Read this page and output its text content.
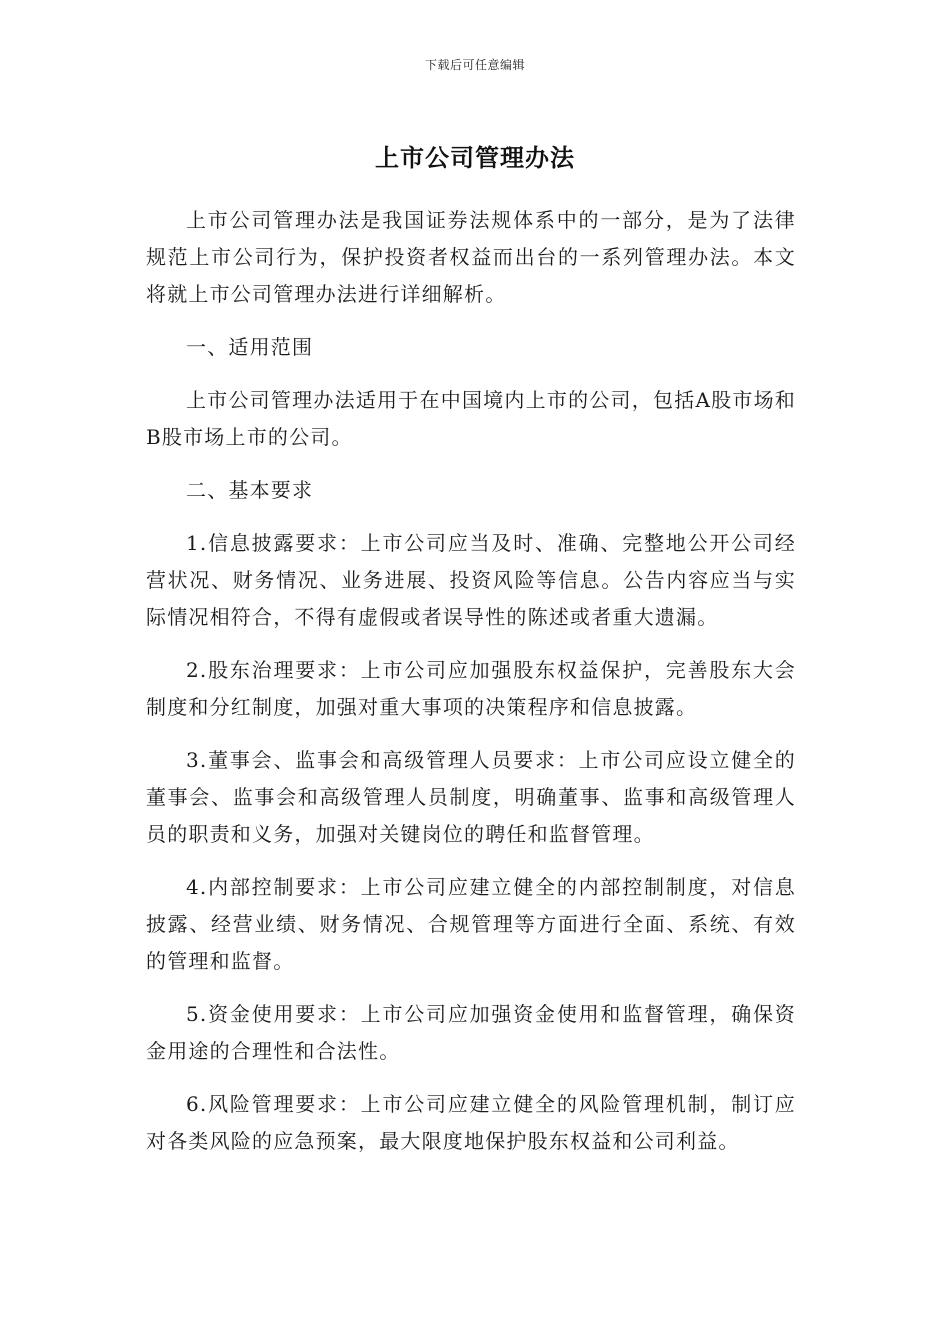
下载后可任意编辑
上市公司管理办法

上市公司管理办法是我国证券法规体系中的一部分，是为了法律规范上市公司行为，保护投资者权益而出台的一系列管理办法。本文将就上市公司管理办法进行详细解析。

一、适用范围

上市公司管理办法适用于在中国境内上市的公司，包括A股市场和B股市场上市的公司。

二、基本要求

1.信息披露要求：上市公司应当及时、准确、完整地公开公司经营状况、财务情况、业务进展、投资风险等信息。公告内容应当与实际情况相符合，不得有虚假或者误导性的陈述或者重大遗漏。

2.股东治理要求：上市公司应加强股东权益保护，完善股东大会制度和分红制度，加强对重大事项的决策程序和信息披露。

3.董事会、监事会和高级管理人员要求：上市公司应设立健全的董事会、监事会和高级管理人员制度，明确董事、监事和高级管理人员的职责和义务，加强对关键岗位的聘任和监督管理。

4.内部控制要求：上市公司应建立健全的内部控制制度，对信息披露、经营业绩、财务情况、合规管理等方面进行全面、系统、有效的管理和监督。

5.资金使用要求：上市公司应加强资金使用和监督管理，确保资金用途的合理性和合法性。

6.风险管理要求：上市公司应建立健全的风险管理机制，制订应对各类风险的应急预案，最大限度地保护股东权益和公司利益。
